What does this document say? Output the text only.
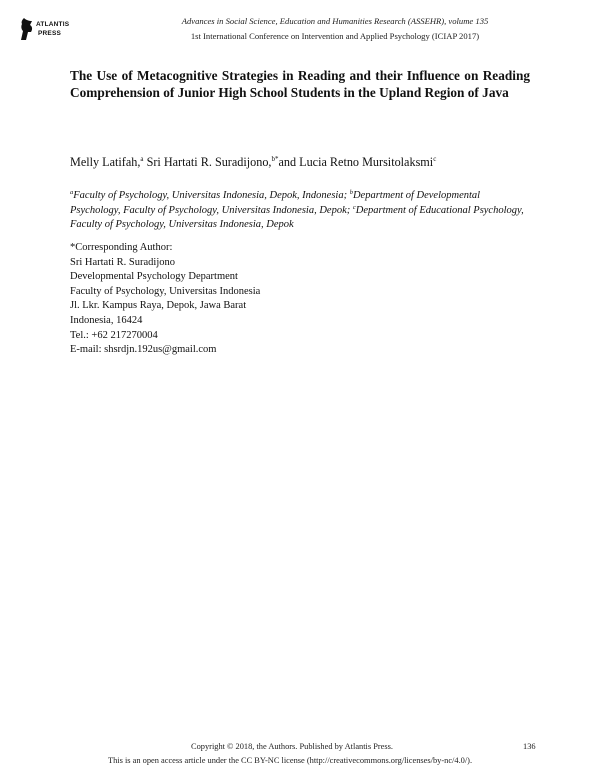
ATLANTIS
PRESS
Advances in Social Science, Education and Humanities Research (ASSEHR), volume 135
1st International Conference on Intervention and Applied Psychology (ICIAP 2017)
The Use of Metacognitive Strategies in Reading and their Influence on Reading Comprehension of Junior High School Students in the Upland Region of Java
Melly Latifah,$^a$ Sri Hartati R. Suradijono,$^{b*}$and Lucia Retno Mursitolaksmi$^c$
$^a$Faculty of Psychology, Universitas Indonesia, Depok, Indonesia; $^b$Department of Developmental Psychology, Faculty of Psychology, Universitas Indonesia, Depok; $^c$Department of Educational Psychology, Faculty of Psychology, Universitas Indonesia, Depok
*Corresponding Author:
Sri Hartati R. Suradijono
Developmental Psychology Department
Faculty of Psychology, Universitas Indonesia
Jl. Lkr. Kampus Raya, Depok, Jawa Barat
Indonesia, 16424
Tel.: +62 217270004
E-mail: shsrdjn.192us@gmail.com
Copyright © 2018, the Authors. Published by Atlantis Press.	136
This is an open access article under the CC BY-NC license (http://creativecommons.org/licenses/by-nc/4.0/).
